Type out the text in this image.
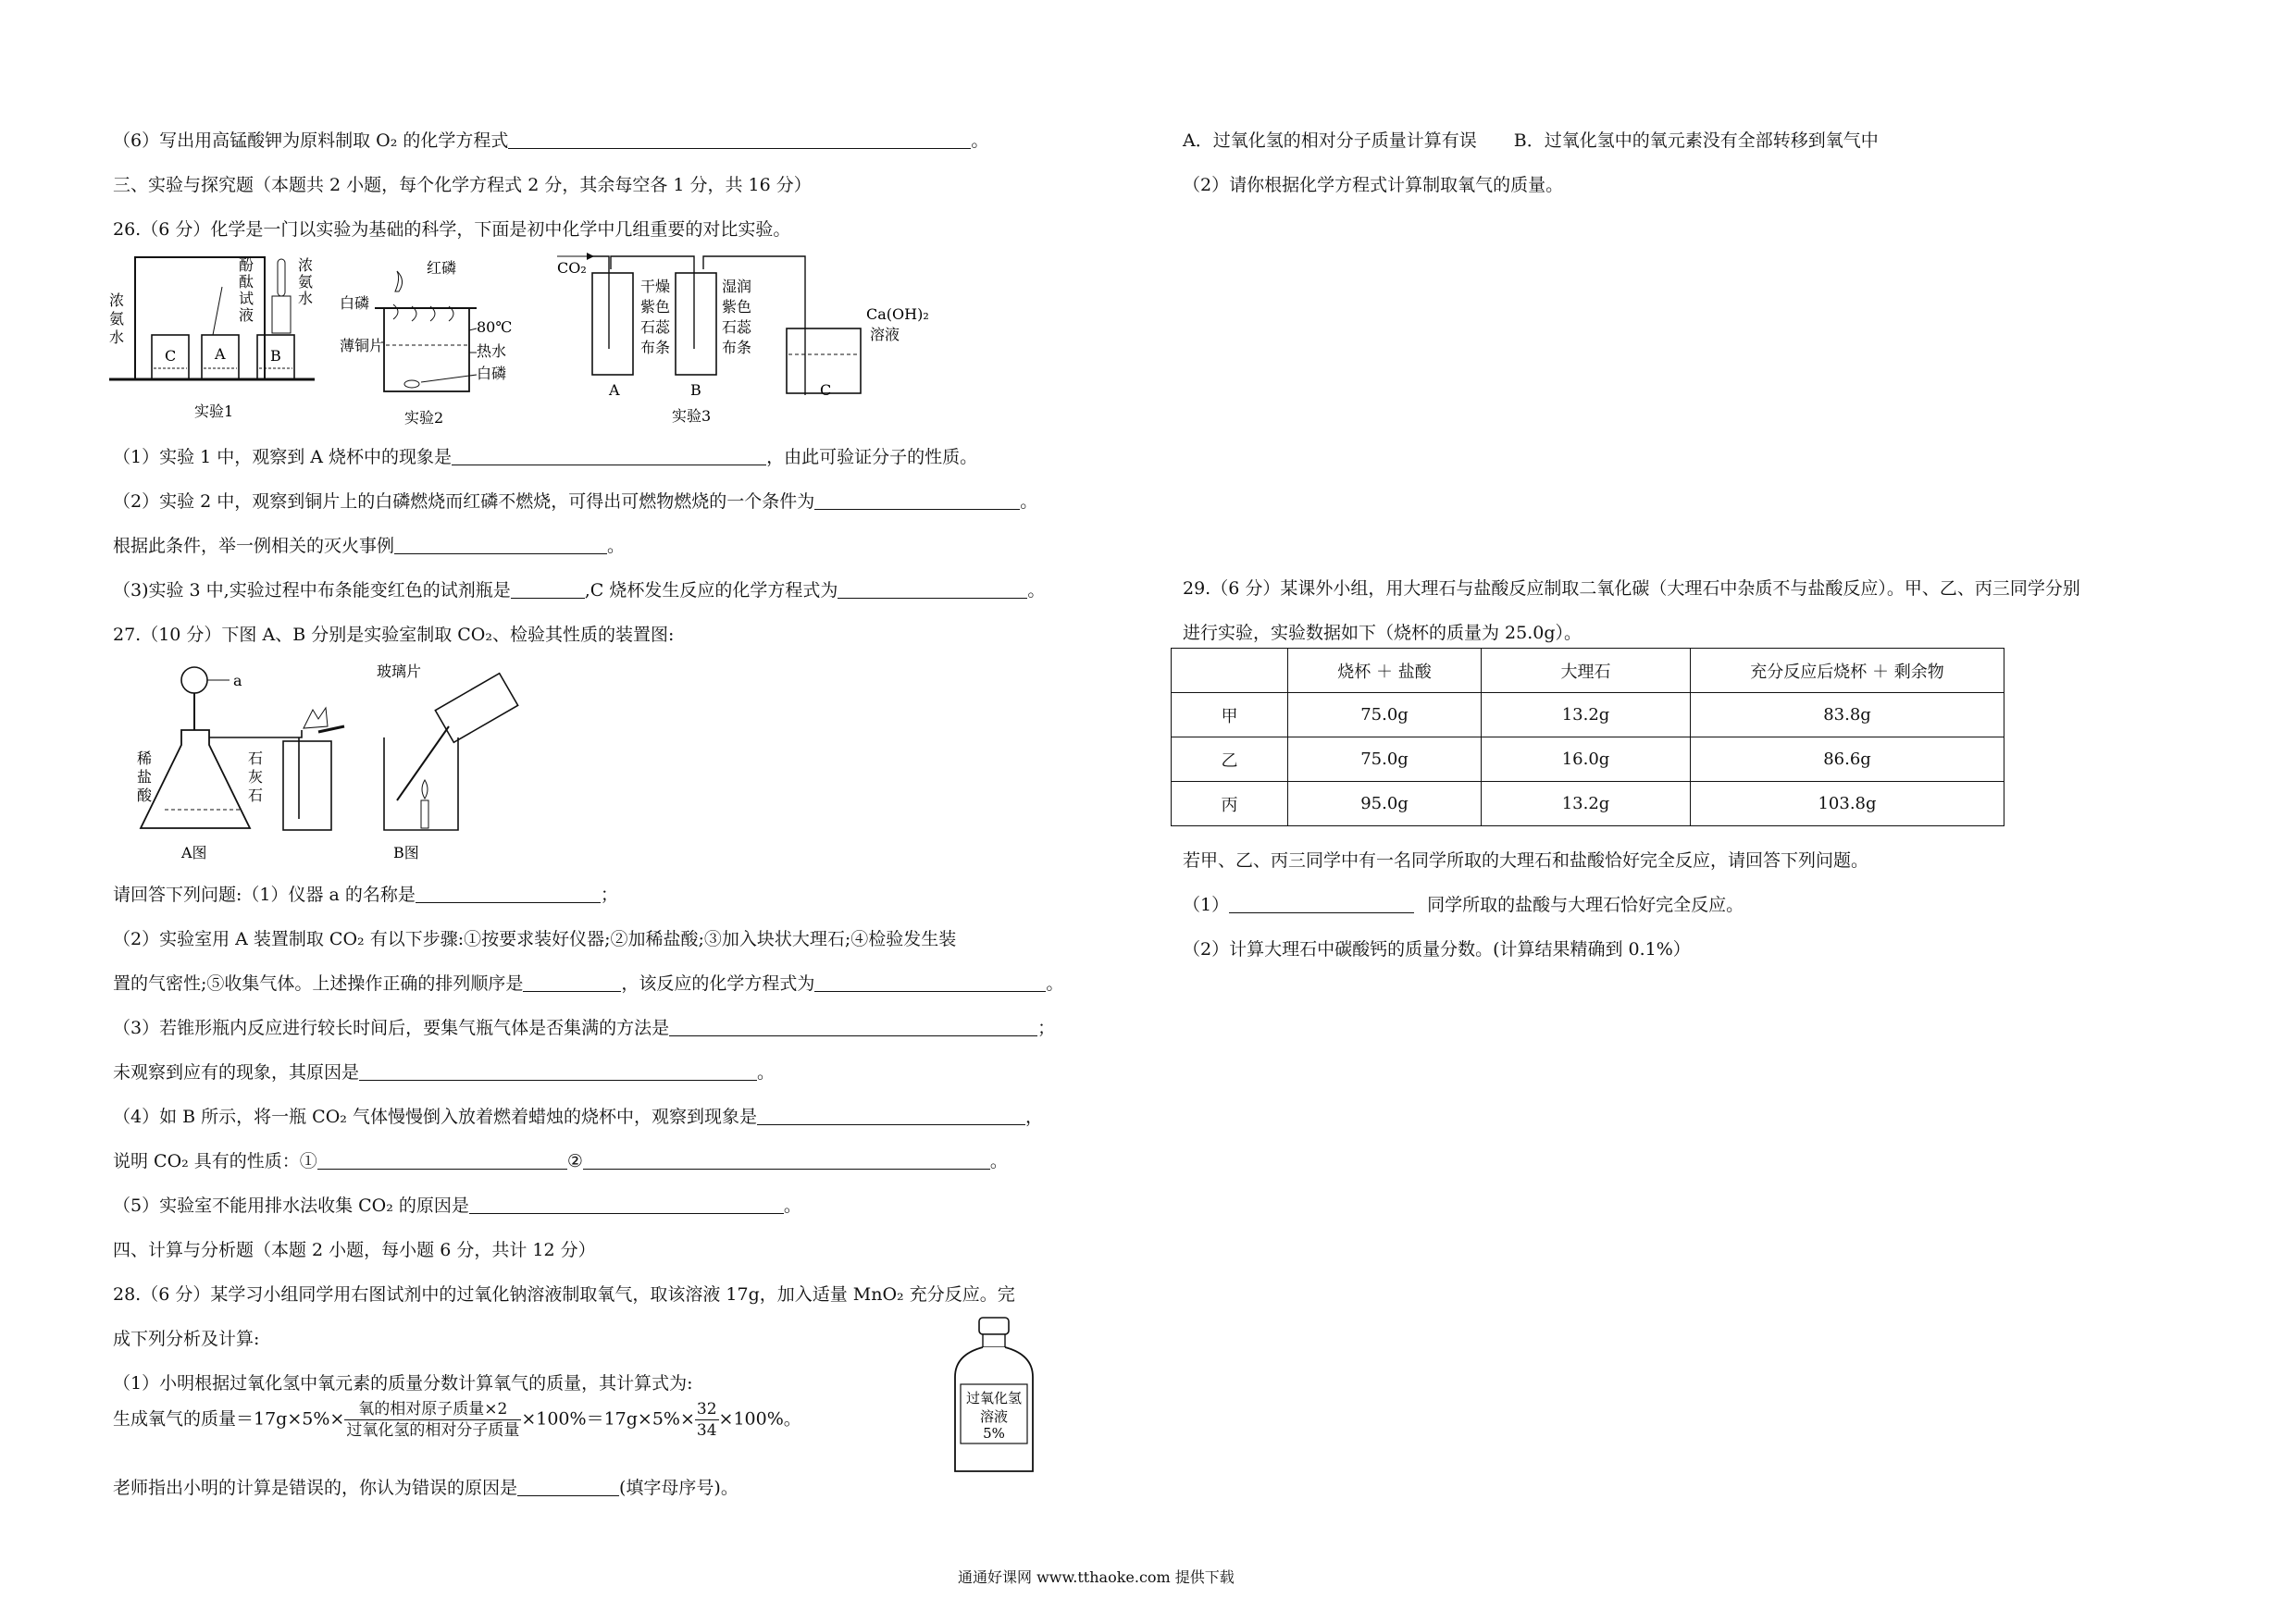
（6）写出用高锰酸钾为原料制取 O₂ 的化学方程式	。
三、实验与探究题（本题共 2 小题，每个化学方程式 2 分，其余每空各 1 分，共 16 分）
26.（6 分）化学是一门以实验为基础的科学，下面是初中化学中几组重要的对比实验。
C	A	B
浓
氨
水
酚
酞
试
液
浓
氨
水
实验1
红磷
白磷
薄铜片
80℃
热水
白磷
实验2
CO₂
干燥
紫色
石蕊
布条
湿润
紫色
石蕊
布条
Ca(OH)₂
溶液
A	B	C
实验3
（1）实验 1 中，观察到 A 烧杯中的现象是	，由此可验证分子的性质。
（2）实验 2 中，观察到铜片上的白磷燃烧而红磷不燃烧，可得出可燃物燃烧的一个条件为	。
根据此条件，举一例相关的灭火事例	。
（3)实验 3 中,实验过程中布条能变红色的试剂瓶是	,C 烧杯发生反应的化学方程式为	。
27.（10 分）下图 A、B 分别是实验室制取 CO₂、检验其性质的装置图:
a
稀
盐
酸
石
灰
石
A图
玻璃片
B图
请回答下列问题:（1）仪器 a 的名称是	；
（2）实验室用 A 装置制取 CO₂ 有以下步骤:①按要求装好仪器;②加稀盐酸;③加入块状大理石;④检验发生装
置的气密性;⑤收集气体。上述操作正确的排列顺序是	，该反应的化学方程式为	。
（3）若锥形瓶内反应进行较长时间后，要集气瓶气体是否集满的方法是	；
未观察到应有的现象，其原因是	。
（4）如 B 所示，将一瓶 CO₂ 气体慢慢倒入放着燃着蜡烛的烧杯中，观察到现象是	，
说明 CO₂ 具有的性质：①	②	。
（5）实验室不能用排水法收集 CO₂ 的原因是	。
四、计算与分析题（本题 2 小题，每小题 6 分，共计 12 分）
28.（6 分）某学习小组同学用右图试剂中的过氧化钠溶液制取氧气，取该溶液 17g，加入适量 MnO₂ 充分反应。完
成下列分析及计算:
（1）小明根据过氧化氢中氧元素的质量分数计算氧气的质量，其计算式为:
生成氧气的质量$=17g\times 5\%\times \frac{\text{氧的相对原子质量×2}}{\text{过氧化氢的相对分子质量}} \times 100\%=17g\times 5\%\times \frac{32}{34} \times 100\%$。
过氧化氢
溶液
5%
老师指出小明的计算是错误的，你认为错误的原因是	(填字母序号)。
A．过氧化氢的相对分子质量计算有误 B．过氧化氢中的氧元素没有全部转移到氧气中
（2）请你根据化学方程式计算制取氧气的质量。
29.（6 分）某课外小组，用大理石与盐酸反应制取二氧化碳（大理石中杂质不与盐酸反应）。甲、乙、丙三同学分别
进行实验，实验数据如下（烧杯的质量为 25.0g）。
	烧杯 ＋ 盐酸	大理石	充分反应后烧杯 ＋ 剩余物
甲	75.0g	13.2g	83.8g
乙	75.0g	16.0g	86.6g
丙	95.0g	13.2g	103.8g
若甲、乙、丙三同学中有一名同学所取的大理石和盐酸恰好完全反应，请回答下列问题。
（1）	同学所取的盐酸与大理石恰好完全反应。
（2）计算大理石中碳酸钙的质量分数。(计算结果精确到 0.1%）
通通好课网 www.tthaoke.com 提供下载
